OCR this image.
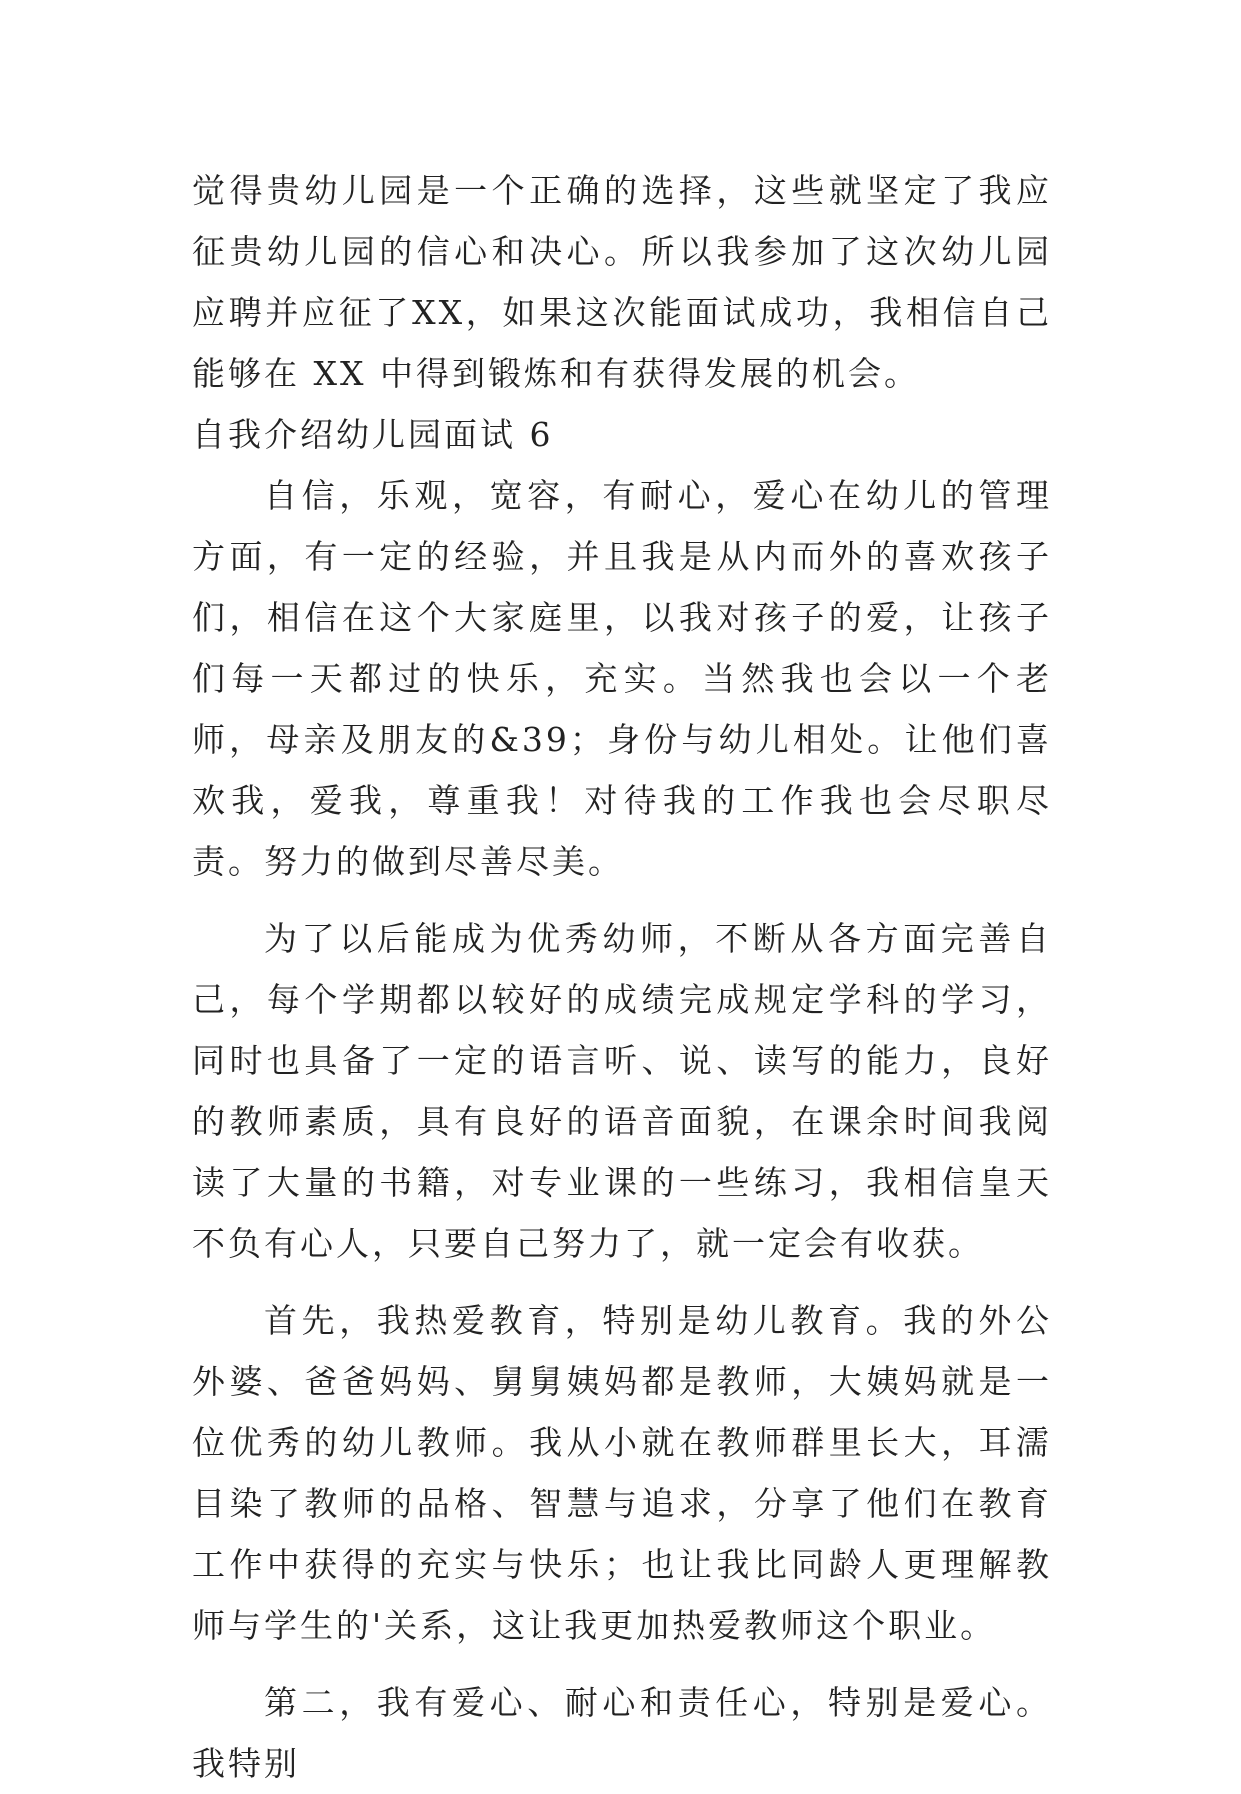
觉得贵幼儿园是一个正确的选择，这些就坚定了我应征贵幼儿园的信心和决心。所以我参加了这次幼儿园应聘并应征了XX，如果这次能面试成功，我相信自己能够在 XX 中得到锻炼和有获得发展的机会。

自我介绍幼儿园面试 6

自信，乐观，宽容，有耐心，爱心在幼儿的管理方面，有一定的经验，并且我是从内而外的喜欢孩子们，相信在这个大家庭里，以我对孩子的爱，让孩子们每一天都过的快乐，充实。当然我也会以一个老师，母亲及朋友的&39；身份与幼儿相处。让他们喜欢我，爱我，尊重我！对待我的工作我也会尽职尽责。努力的做到尽善尽美。

为了以后能成为优秀幼师，不断从各方面完善自己，每个学期都以较好的成绩完成规定学科的学习，同时也具备了一定的语言听、说、读写的能力，良好的教师素质，具有良好的语音面貌，在课余时间我阅读了大量的书籍，对专业课的一些练习，我相信皇天不负有心人，只要自己努力了，就一定会有收获。

首先，我热爱教育，特别是幼儿教育。我的外公外婆、爸爸妈妈、舅舅姨妈都是教师，大姨妈就是一位优秀的幼儿教师。我从小就在教师群里长大，耳濡目染了教师的品格、智慧与追求，分享了他们在教育工作中获得的充实与快乐；也让我比同龄人更理解教师与学生的'关系，这让我更加热爱教师这个职业。

第二，我有爱心、耐心和责任心，特别是爱心。我特别
